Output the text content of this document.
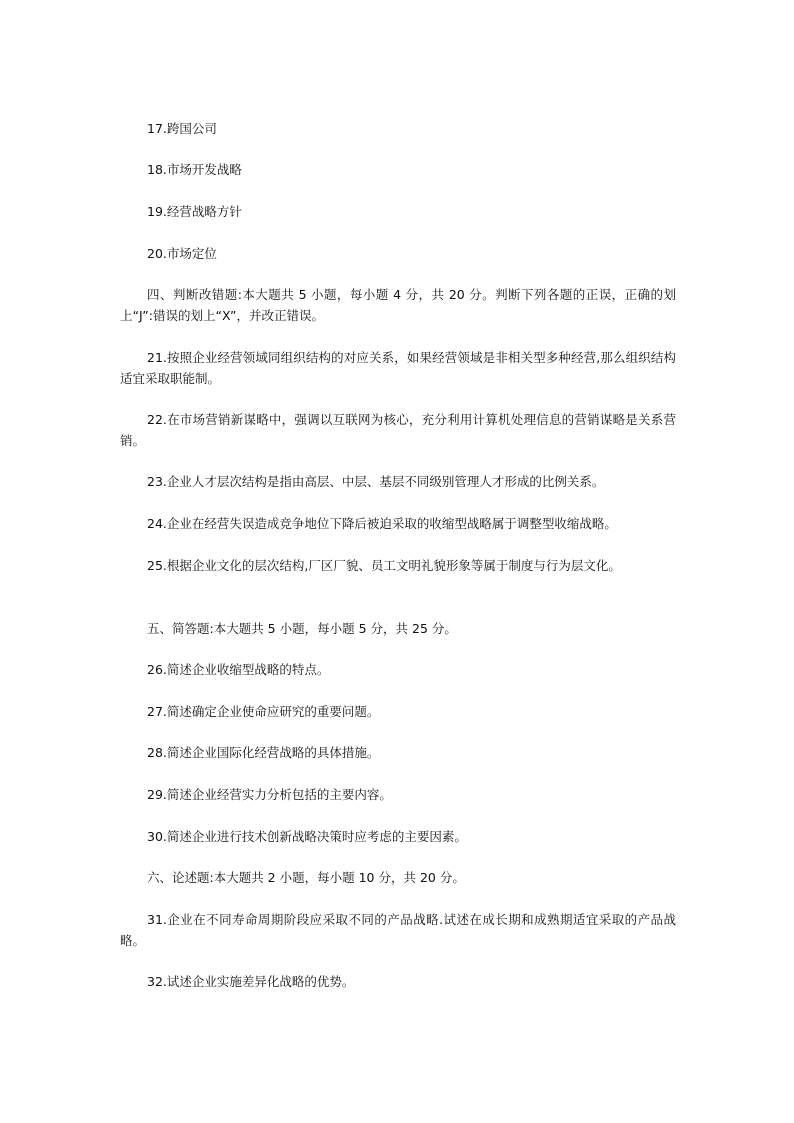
17.跨国公司
18.市场开发战略
19.经营战略方针
20.市场定位
四、判断改错题:本大题共 5 小题，每小题 4 分，共 20 分。判断下列各题的正误，正确的划上“J”:错误的划上“X”，并改正错误。
21.按照企业经营领域同组织结构的对应关系，如果经营领域是非相关型多种经营,那么组织结构适宜采取职能制。
22.在市场营销新谋略中，强调以互联网为核心，充分利用计算机处理信息的营销谋略是关系营销。
23.企业人才层次结构是指由高层、中层、基层不同级别管理人才形成的比例关系。
24.企业在经营失误造成竞争地位下降后被迫采取的收缩型战略属于调整型收缩战略。
25.根据企业文化的层次结构,厂区厂貌、员工文明礼貌形象等属于制度与行为层文化。
五、简答题:本大题共 5 小题，每小题 5 分，共 25 分。
26.简述企业收缩型战略的特点。
27.简述确定企业使命应研究的重要问题。
28.简述企业国际化经营战略的具体措施。
29.简述企业经营实力分析包括的主要内容。
30.简述企业进行技术创新战略决策时应考虑的主要因素。
六、论述题:本大题共 2 小题，每小题 10 分，共 20 分。
31.企业在不同寿命周期阶段应采取不同的产品战略.试述在成长期和成熟期适宜采取的产品战略。
32.试述企业实施差异化战略的优势。
